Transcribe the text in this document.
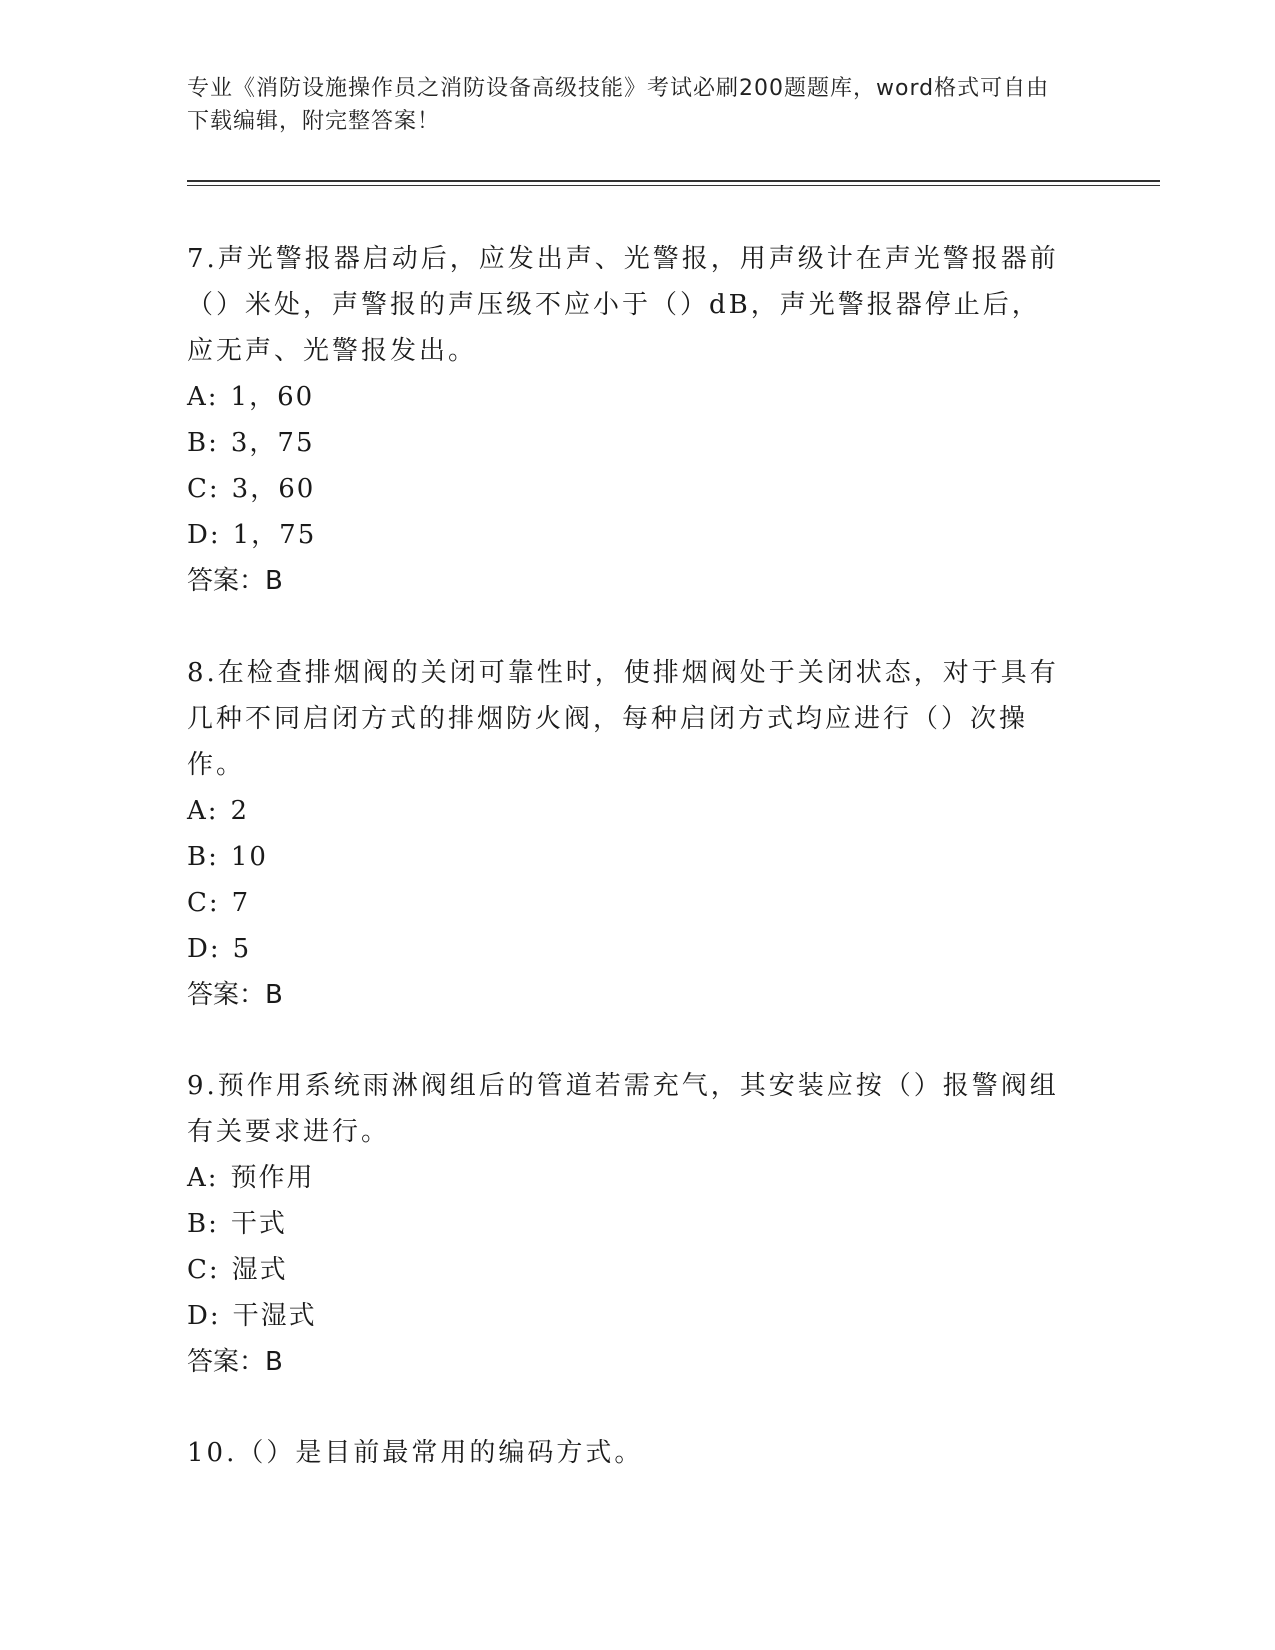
专业《消防设施操作员之消防设备高级技能》考试必刷200题题库，word格式可自由下载编辑，附完整答案！

7.声光警报器启动后，应发出声、光警报，用声级计在声光警报器前（）米处，声警报的声压级不应小于（）dB，声光警报器停止后，应无声、光警报发出。

A: 1，60

B: 3，75

C: 3，60

D: 1，75

答案：B

8.在检查排烟阀的关闭可靠性时，使排烟阀处于关闭状态，对于具有几种不同启闭方式的排烟防火阀，每种启闭方式均应进行（）次操作。

A: 2

B: 10

C: 7

D: 5

答案：B

9.预作用系统雨淋阀组后的管道若需充气，其安装应按（）报警阀组有关要求进行。

A: 预作用

B: 干式

C: 湿式

D: 干湿式

答案：B

10.（）是目前最常用的编码方式。
